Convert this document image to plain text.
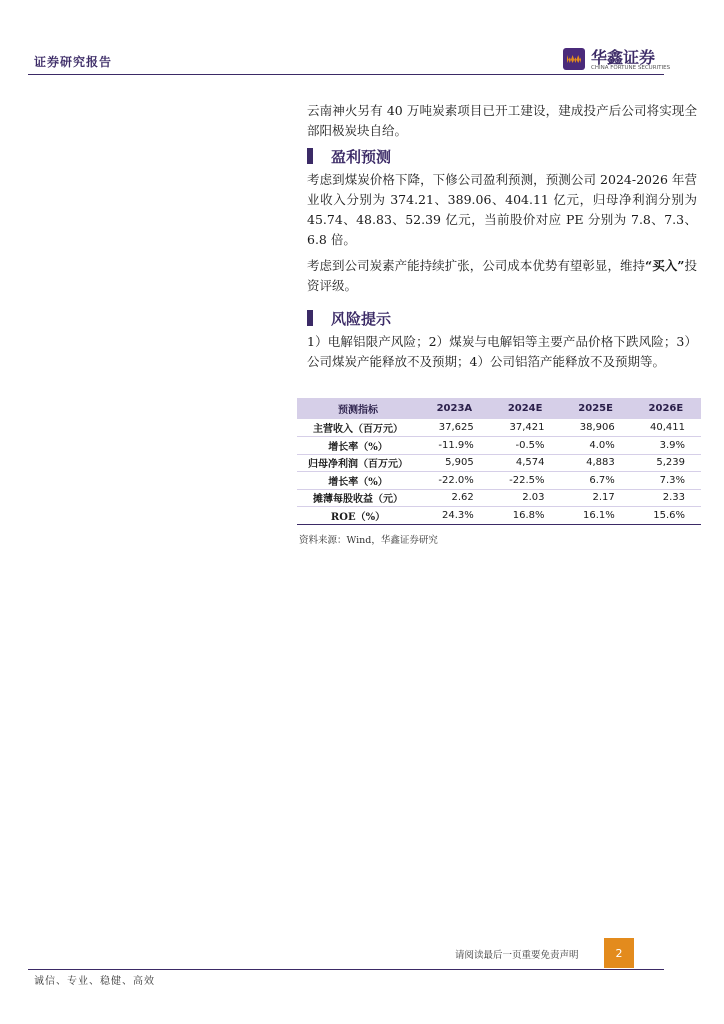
证券研究报告	华鑫证券
CHINA FORTUNE SECURITIES

云南神火另有 40 万吨炭素项目已开工建设，建成投产后公司将实现全部阳极炭块自给。

盈利预测

考虑到煤炭价格下降，下修公司盈利预测，预测公司 2024-2026 年营业收入分别为 374.21、389.06、404.11 亿元，归母净利润分别为 45.74、48.83、52.39 亿元，当前股价对应 PE 分别为 7.8、7.3、6.8 倍。

考虑到公司炭素产能持续扩张，公司成本优势有望彰显，维持“买入”投资评级。

风险提示

1）电解铝限产风险；2）煤炭与电解铝等主要产品价格下跌风险；3）公司煤炭产能释放不及预期；4）公司铝箔产能释放不及预期等。

预测指标	2023A	2024E	2025E	2026E
主营收入（百万元）	37,625	37,421	38,906	40,411
增长率（%）	-11.9%	-0.5%	4.0%	3.9%
归母净利润（百万元）	5,905	4,574	4,883	5,239
增长率（%）	-22.0%	-22.5%	6.7%	7.3%
摊薄每股收益（元）	2.62	2.03	2.17	2.33
ROE（%）	24.3%	16.8%	16.1%	15.6%
资料来源：Wind，华鑫证券研究
请阅读最后一页重要免责声明	2
诚信、专业、稳健、高效
